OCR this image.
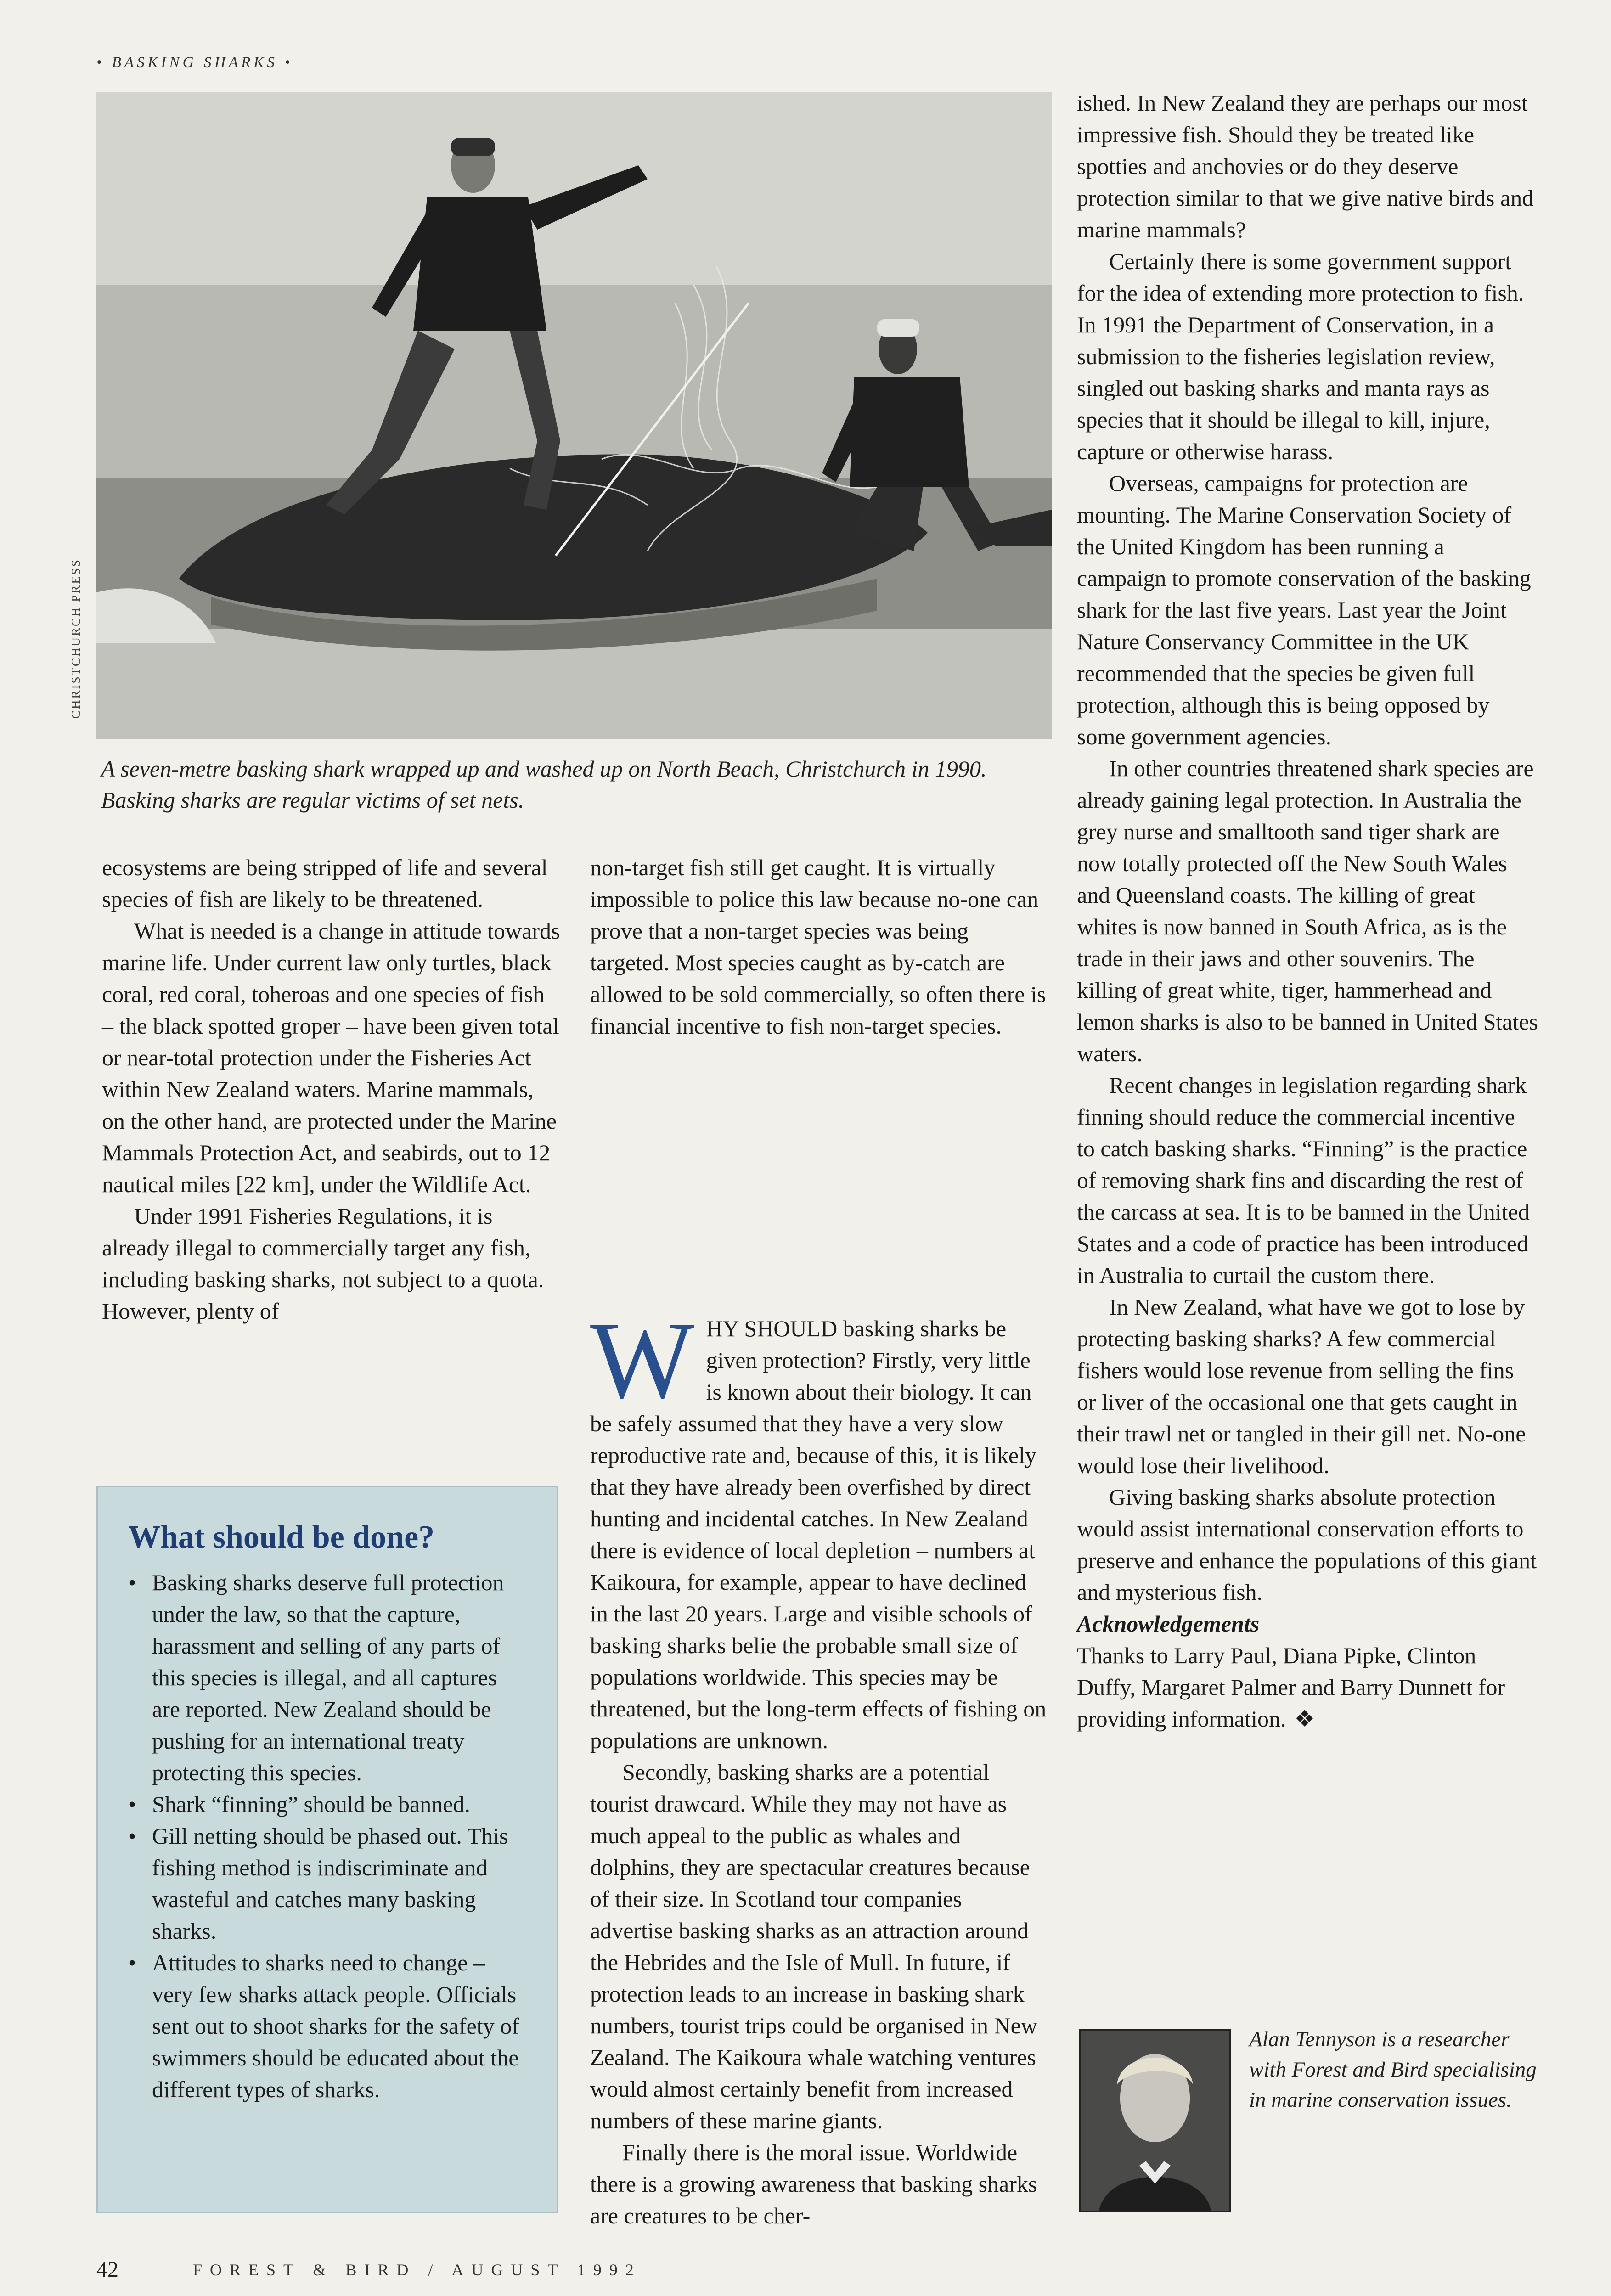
• BASKING SHARKS •
CHRISTCHURCH PRESS
A seven-metre basking shark wrapped up and washed up on North Beach, Christchurch in 1990. Basking sharks are regular victims of set nets.

ecosystems are being stripped of life and several species of fish are likely to be threatened.

What is needed is a change in attitude towards marine life. Under current law only turtles, black coral, red coral, toheroas and one species of fish – the black spotted groper – have been given total or near-total protection under the Fisheries Act within New Zealand waters. Marine mammals, on the other hand, are protected under the Marine Mammals Protection Act, and seabirds, out to 12 nautical miles [22 km], under the Wildlife Act.

Under 1991 Fisheries Regulations, it is already illegal to commercially target any fish, including basking sharks, not subject to a quota. However, plenty of

non-target fish still get caught. It is virtually impossible to police this law because no-one can prove that a non-target species was being targeted. Most species caught as by-catch are allowed to be sold commercially, so often there is financial incentive to fish non-target species.

WHY SHOULD basking sharks be given protection? Firstly, very little is known about their biology. It can be safely assumed that they have a very slow reproductive rate and, because of this, it is likely that they have already been overfished by direct hunting and incidental catches. In New Zealand there is evidence of local depletion – numbers at Kaikoura, for example, appear to have declined in the last 20 years. Large and visible schools of basking sharks belie the probable small size of populations worldwide. This species may be threatened, but the long-term effects of fishing on populations are unknown.

Secondly, basking sharks are a potential tourist drawcard. While they may not have as much appeal to the public as whales and dolphins, they are spectacular creatures because of their size. In Scotland tour companies advertise basking sharks as an attraction around the Hebrides and the Isle of Mull. In future, if protection leads to an increase in basking shark numbers, tourist trips could be organised in New Zealand. The Kaikoura whale watching ventures would almost certainly benefit from increased numbers of these marine giants.

Finally there is the moral issue. Worldwide there is a growing awareness that basking sharks are creatures to be cher-

ished. In New Zealand they are perhaps our most impressive fish. Should they be treated like spotties and anchovies or do they deserve protection similar to that we give native birds and marine mammals?

Certainly there is some government support for the idea of extending more protection to fish. In 1991 the Department of Conservation, in a submission to the fisheries legislation review, singled out basking sharks and manta rays as species that it should be illegal to kill, injure, capture or otherwise harass.

Overseas, campaigns for protection are mounting. The Marine Conservation Society of the United Kingdom has been running a campaign to promote conservation of the basking shark for the last five years. Last year the Joint Nature Conservancy Committee in the UK recommended that the species be given full protection, although this is being opposed by some government agencies.

In other countries threatened shark species are already gaining legal protection. In Australia the grey nurse and smalltooth sand tiger shark are now totally protected off the New South Wales and Queensland coasts. The killing of great whites is now banned in South Africa, as is the trade in their jaws and other souvenirs. The killing of great white, tiger, hammerhead and lemon sharks is also to be banned in United States waters.

Recent changes in legislation regarding shark finning should reduce the commercial incentive to catch basking sharks. “Finning” is the practice of removing shark fins and discarding the rest of the carcass at sea. It is to be banned in the United States and a code of practice has been introduced in Australia to curtail the custom there.

In New Zealand, what have we got to lose by protecting basking sharks? A few commercial fishers would lose revenue from selling the fins or liver of the occasional one that gets caught in their trawl net or tangled in their gill net. No-one would lose their livelihood.

Giving basking sharks absolute protection would assist international conservation efforts to preserve and enhance the populations of this giant and mysterious fish.

Acknowledgements

Thanks to Larry Paul, Diana Pipke, Clinton Duffy, Margaret Palmer and Barry Dunnett for providing information. ❖

What should be done?
• Basking sharks deserve full protection under the law, so that the capture, harassment and selling of any parts of this species is illegal, and all captures are reported. New Zealand should be pushing for an international treaty protecting this species.
• Shark “finning” should be banned.
• Gill netting should be phased out. This fishing method is indiscriminate and wasteful and catches many basking sharks.
• Attitudes to sharks need to change – very few sharks attack people. Officials sent out to shoot sharks for the safety of swimmers should be educated about the different types of sharks.
Alan Tennyson is a researcher with Forest and Bird specialising in marine conservation issues.
42	FOREST & BIRD / AUGUST 1992
